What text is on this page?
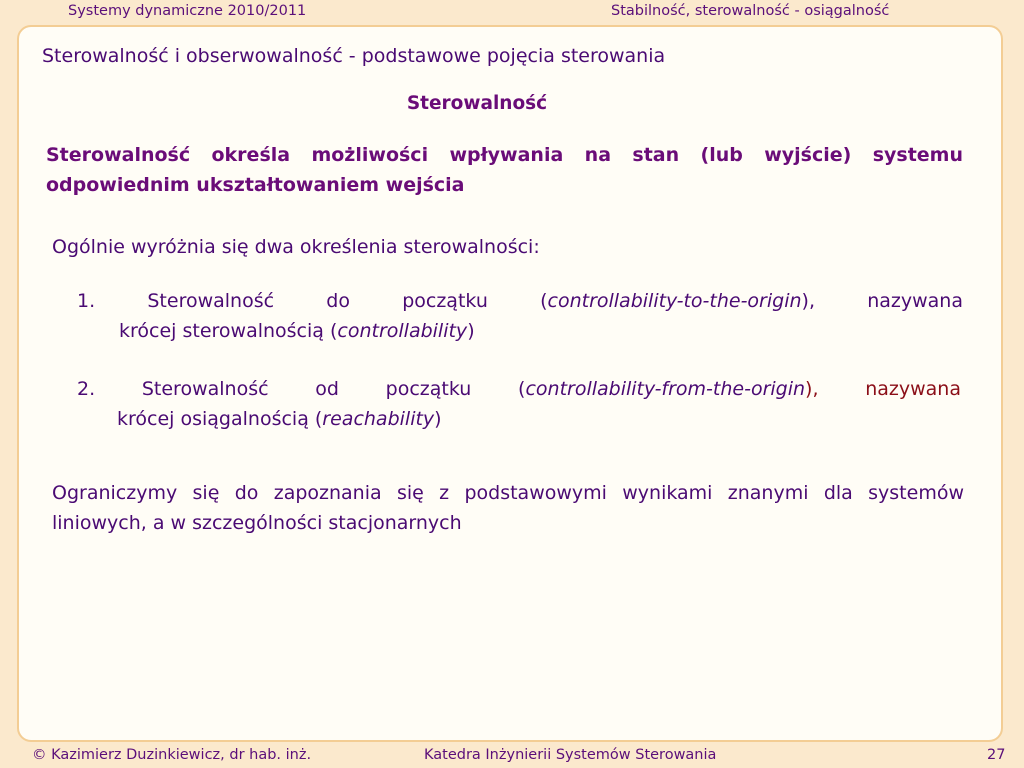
Systemy dynamiczne 2010/2011	Stabilność, sterowalność - osiągalność
Sterowalność i obserwowalność - podstawowe pojęcia sterowania
Sterowalność
Sterowalność określa możliwości wpływania na stan (lub wyjście) systemu odpowiednim ukształtowaniem wejścia
Ogólnie wyróżnia się dwa określenia sterowalności:
1.	Sterowalność do początku (controllability-to-the-origin), nazywana
krócej sterowalnością (controllability)
2. Sterowalność od początku (controllability-from-the-origin), nazywana
krócej osiągalnością (reachability)
Ograniczymy się do zapoznania się z podstawowymi wynikami znanymi dla systemów liniowych, a w szczególności stacjonarnych
© Kazimierz Duzinkiewicz, dr hab. inż.	Katedra Inżynierii Systemów Sterowania	27
